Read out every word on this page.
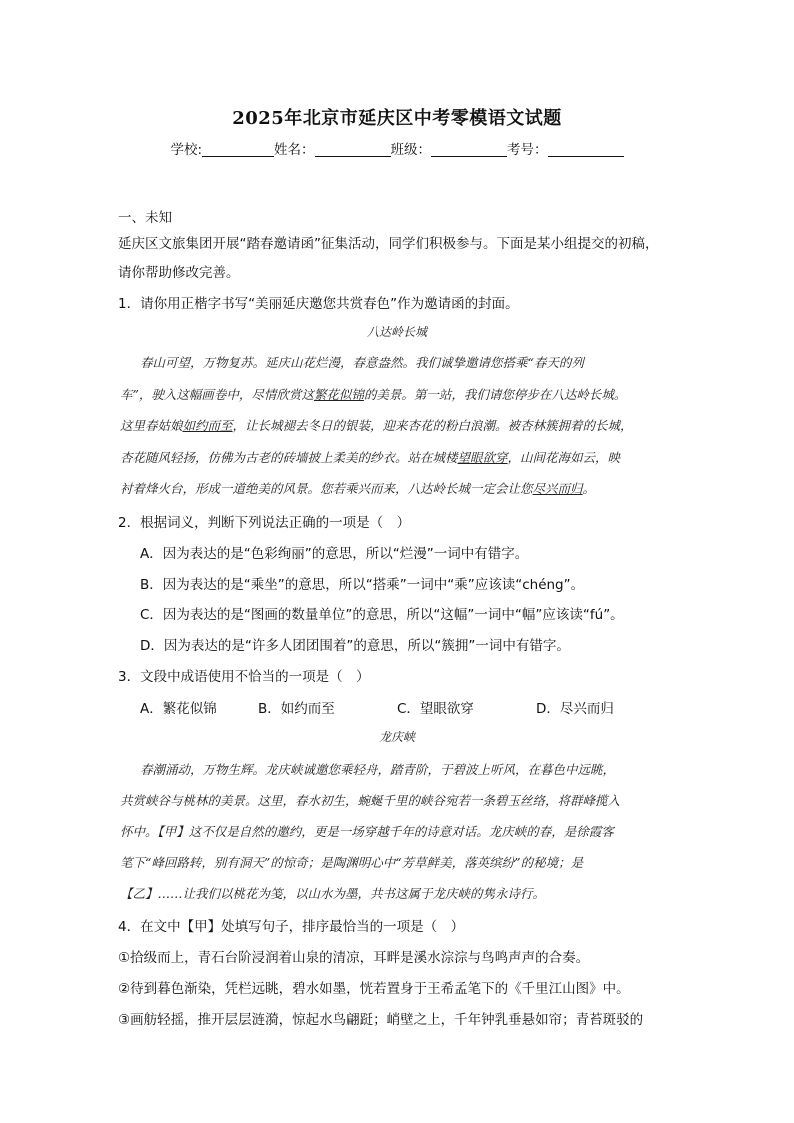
2025年北京市延庆区中考零模语文试题
学校:	姓名：	班级：	考号：
一、未知
延庆区文旅集团开展“踏春邀请函”征集活动，同学们积极参与。下面是某小组提交的初稿，
请你帮助修改完善。
1．请你用正楷字书写“美丽延庆邀您共赏春色”作为邀请函的封面。
八达岭长城
春山可望，万物复苏。延庆山花烂漫，春意盎然。我们诚挚邀请您搭乘“春天的列
车”，驶入这幅画卷中，尽情欣赏这繁花似锦的美景。第一站，我们请您停步在八达岭长城。
这里春姑娘如约而至，让长城褪去冬日的银装，迎来杏花的粉白浪潮。被杏林簇拥着的长城，
杏花随风轻扬，仿佛为古老的砖墙披上柔美的纱衣。站在城楼望眼欲穿，山间花海如云，映
衬着烽火台，形成一道绝美的风景。您若乘兴而来，八达岭长城一定会让您尽兴而归。
2．根据词义，判断下列说法正确的一项是（　）
A．因为表达的是“色彩绚丽”的意思，所以“烂漫”一词中有错字。
B．因为表达的是“乘坐”的意思，所以“搭乘”一词中“乘”应该读“chéng”。
C．因为表达的是“图画的数量单位”的意思，所以“这幅”一词中“幅”应该读“fú”。
D．因为表达的是“许多人团团围着”的意思，所以“簇拥”一词中有错字。
3．文段中成语使用不恰当的一项是（　）
A．繁花似锦	B．如约而至	C．望眼欲穿	D．尽兴而归
龙庆峡
春潮涌动，万物生辉。龙庆峡诚邀您乘轻舟，踏青阶，于碧波上听风，在暮色中远眺，
共赏峡谷与桃林的美景。这里，春水初生，蜿蜒千里的峡谷宛若一条碧玉丝络，将群峰揽入
怀中。【甲】这不仅是自然的邀约，更是一场穿越千年的诗意对话。龙庆峡的春，是徐霞客
笔下“峰回路转，别有洞天”的惊奇；是陶渊明心中“芳草鲜美，落英缤纷”的秘境；是
【乙】……让我们以桃花为笺，以山水为墨，共书这属于龙庆峡的隽永诗行。
4．在文中【甲】处填写句子，排序最恰当的一项是（　）
①拾级而上，青石台阶浸润着山泉的清凉，耳畔是溪水淙淙与鸟鸣声声的合奏。
②待到暮色渐染，凭栏远眺，碧水如墨，恍若置身于王希孟笔下的《千里江山图》中。
③画舫轻摇，推开层层涟漪，惊起水鸟翩跹；峭壁之上，千年钟乳垂悬如帘；青苔斑驳的
